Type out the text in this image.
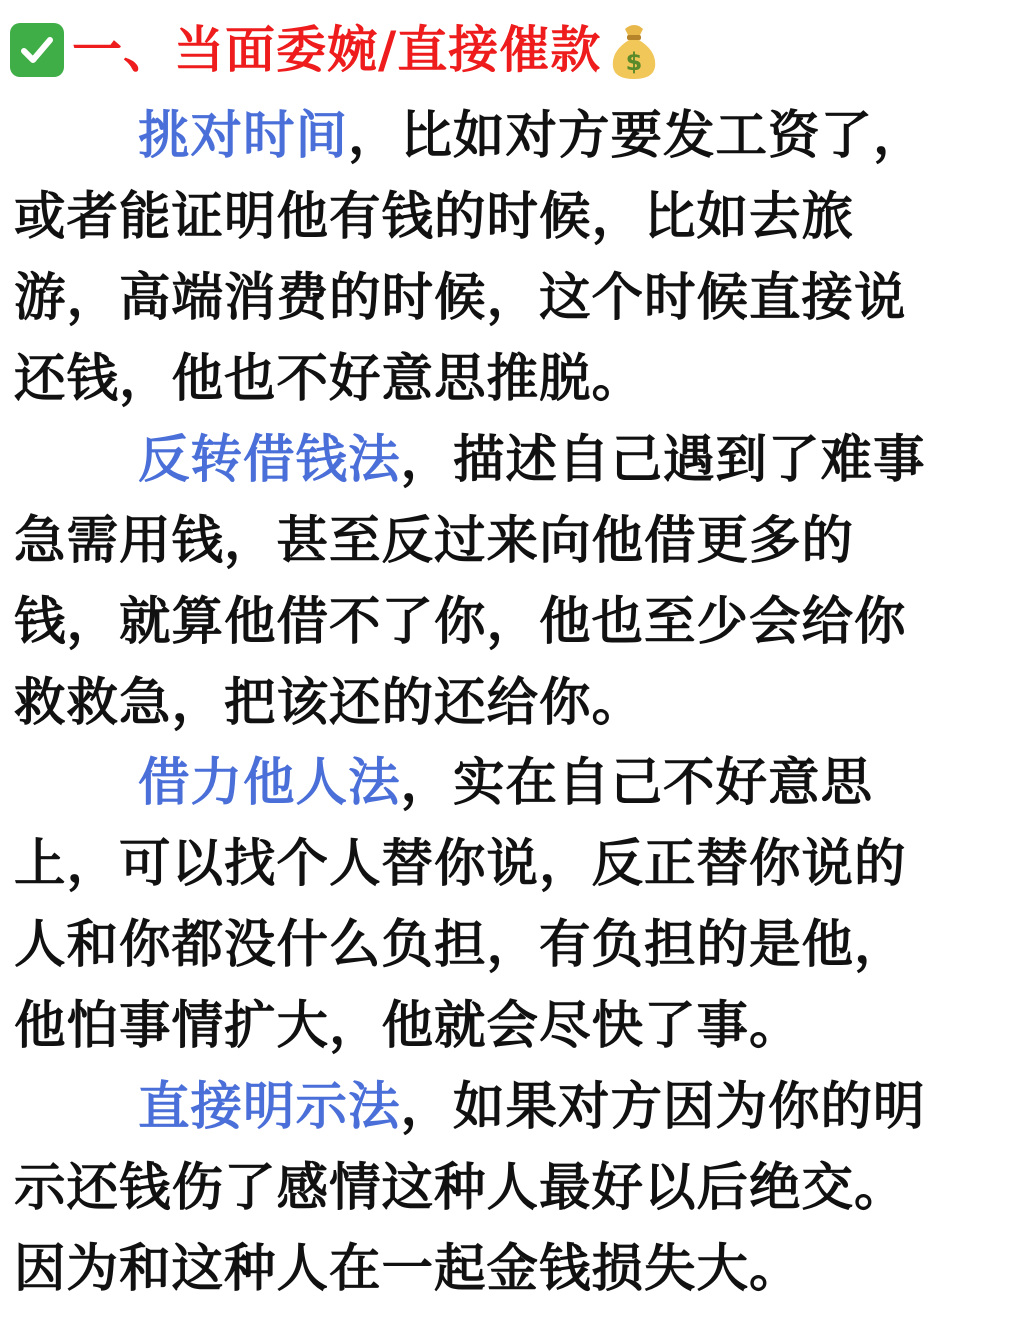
一、当面委婉/直接催款 $
挑对时间，比如对方要发工资了，
或者能证明他有钱的时候，比如去旅
游，高端消费的时候，这个时候直接说
还钱，他也不好意思推脱。
反转借钱法，描述自己遇到了难事
急需用钱，甚至反过来向他借更多的
钱，就算他借不了你，他也至少会给你
救救急，把该还的还给你。
借力他人法，实在自己不好意思
上，可以找个人替你说，反正替你说的
人和你都没什么负担，有负担的是他，
他怕事情扩大，他就会尽快了事。
直接明示法，如果对方因为你的明
示还钱伤了感情这种人最好以后绝交。
因为和这种人在一起金钱损失大。
